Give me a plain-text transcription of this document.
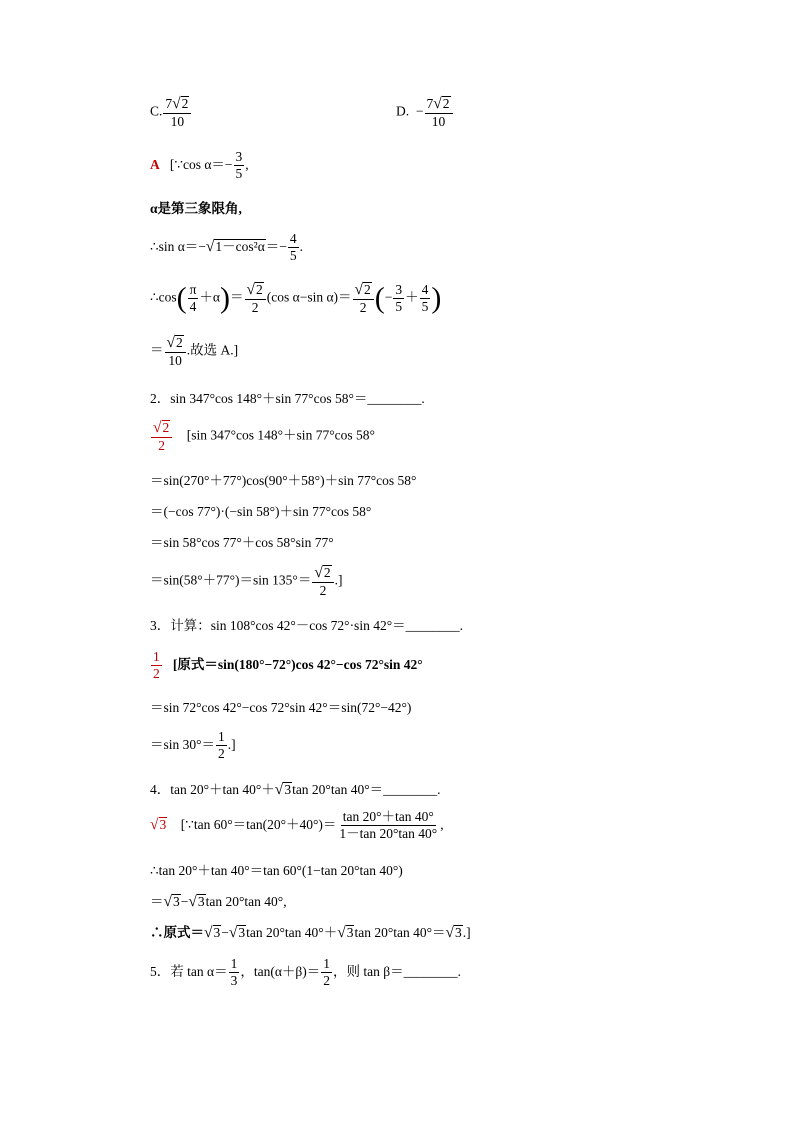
C. $\frac{7 √ 2}{10}$	D. − $\frac{7 √ 2}{10}$
A [∵cos $\alpha=- \frac{3}{5}$ ,
α是第三象限角,
∴sin α＝− √ $1-\cos^2\alpha =- \frac{4}{5}$ .
∴cos( $\frac{\pi}{4} +\alpha)= \frac{√ 2}{2} (\cos$ α−sin $\alpha)= \frac{√ 2}{2}$ (− $\frac{3}{5} + \frac{4}{5}$ )
＝ $\frac{√ 2}{10}$ .故选 A.]
2．sin 347°cos 148°＋sin 77°cos 58°＝________.
$\frac{√ 2}{2} [\sin$ 347°cos 148°＋sin 77°cos 58°
＝sin(270°＋77°)cos(90°＋58°)＋sin 77°cos 58°
＝(−cos 77°)·(−sin 58°)＋sin 77°cos 58°
＝sin 58°cos 77°＋cos 58°sin 77°
＝sin(58°＋77°)＝sin $135^\circ= \frac{√ 2}{2}$ .]
3．计算：sin 108°cos 42°－cos 72°·sin 42°＝________.
$\frac{1}{2}$ [原式＝sin(180°−72°)cos 42°−cos 72°sin 42°
＝sin 72°cos 42°−cos 72°sin 42°＝sin(72°−42°)
＝sin $30^\circ= \frac{1}{2}$ .]
4．tan 20°＋tan 40°＋ √ 3 tan 20°tan 40°＝________.
√ 3 [∵tan $60^\circ=\tan(20^\circ+40^\circ)= \frac{\tan 20^\circ+\tan 40^\circ}{1-\tan 20^\circ\tan 40^\circ}$ ,
∴tan 20°＋tan 40°＝tan 60°(1−tan 20°tan 40°)
＝ √ 3 − √ 3 tan 20°tan 40°,
∴原式＝ √ 3 − √ 3 tan 20°tan 40°＋ √ 3 tan 20°tan 40°＝ √ 3 .]
5．若 $\tan \alpha= \frac{1}{3}$ ，$\tan(\alpha+\beta)= \frac{1}{2}$ ，则 tan β＝________.
